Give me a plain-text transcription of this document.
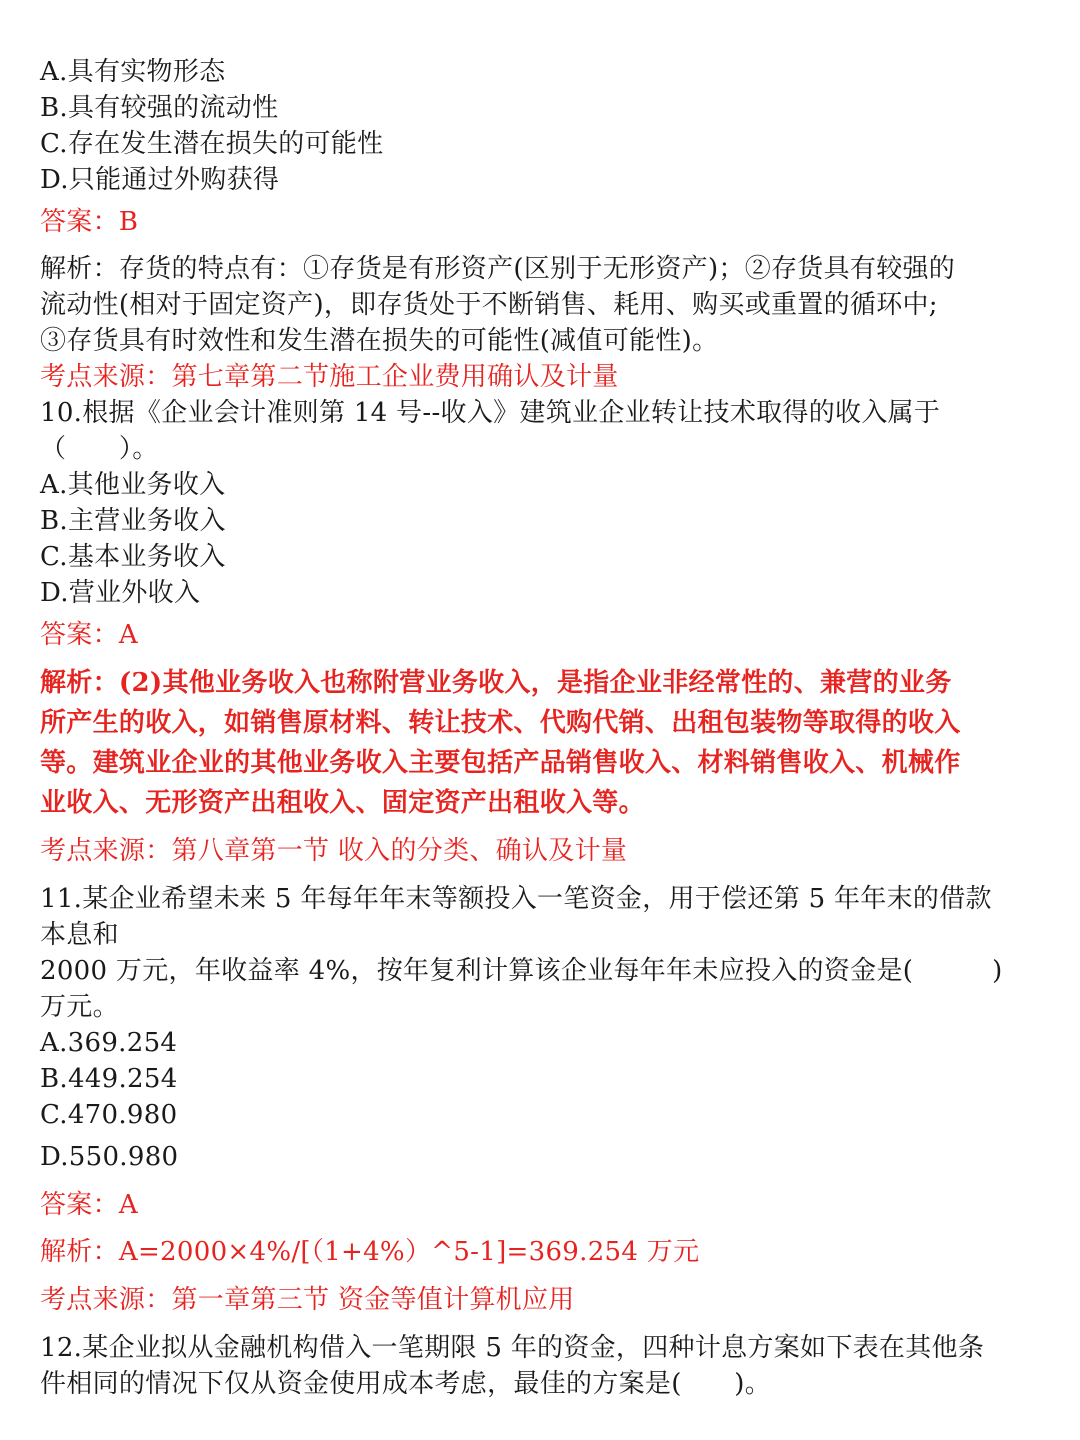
A.具有实物形态
B.具有较强的流动性
C.存在发生潜在损失的可能性
D.只能通过外购获得
答案：B
解析：存货的特点有：①存货是有形资产(区别于无形资产)；②存货具有较强的
流动性(相对于固定资产)，即存货处于不断销售、耗用、购买或重置的循环中;
③存货具有时效性和发生潜在损失的可能性(减值可能性)。
考点来源：第七章第二节施工企业费用确认及计量
10.根据《企业会计准则第 14 号--收入》建筑业企业转让技术取得的收入属于
（　　）。
A.其他业务收入
B.主营业务收入
C.基本业务收入
D.营业外收入
答案：A
解析：(2)其他业务收入也称附营业务收入，是指企业非经常性的、兼营的业务
所产生的收入，如销售原材料、转让技术、代购代销、出租包装物等取得的收入
等。建筑业企业的其他业务收入主要包括产品销售收入、材料销售收入、机械作
业收入、无形资产出租收入、固定资产出租收入等。
考点来源：第八章第一节 收入的分类、确认及计量
11.某企业希望未来 5 年每年年末等额投入一笔资金，用于偿还第 5 年年末的借款
本息和
2000 万元，年收益率 4%，按年复利计算该企业每年年未应投入的资金是(　　　)
万元。
A.369.254
B.449.254
C.470.980
D.550.980
答案：A
解析：A=2000×4%/[（1+4%）^5-1]=369.254 万元
考点来源：第一章第三节 资金等值计算机应用
12.某企业拟从金融机构借入一笔期限 5 年的资金，四种计息方案如下表在其他条
件相同的情况下仅从资金使用成本考虑，最佳的方案是(　　)。
